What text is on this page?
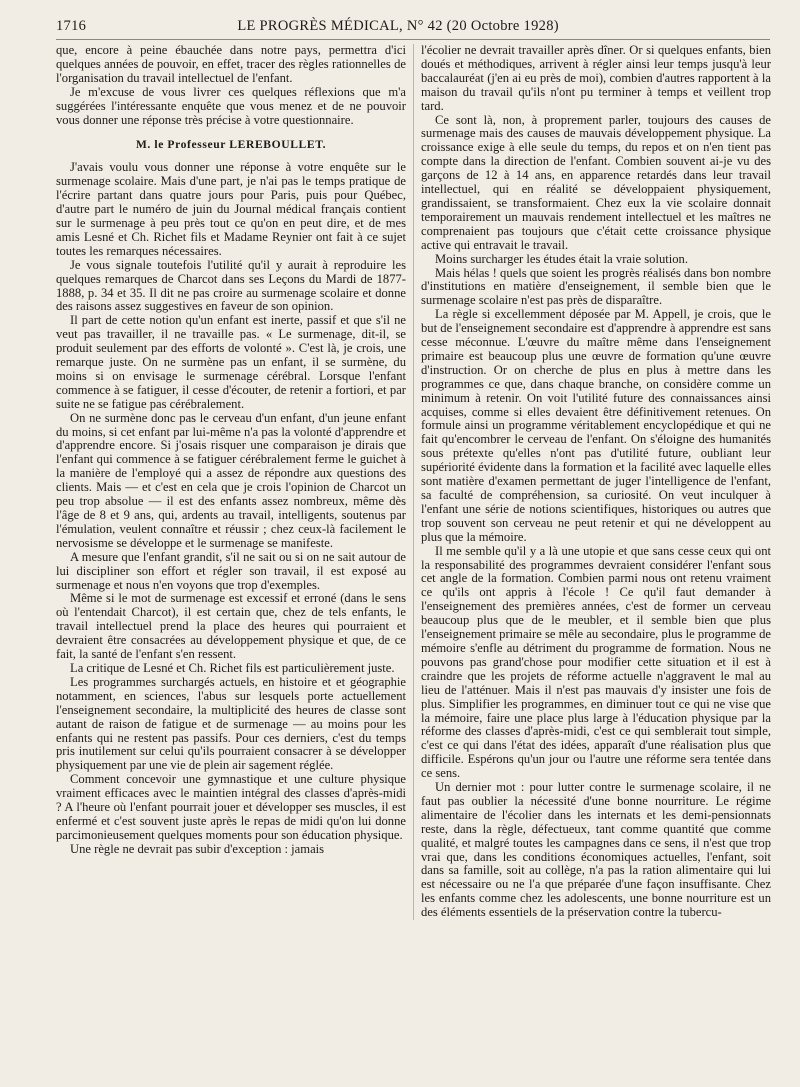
1716	LE PROGRÈS MÉDICAL, N° 42 (20 Octobre 1928)

que, encore à peine ébauchée dans notre pays, permettra d'ici quelques années de pouvoir, en effet, tracer des règles rationnelles de l'organisation du travail intellectuel de l'enfant.

Je m'excuse de vous livrer ces quelques réflexions que m'a suggérées l'intéressante enquête que vous menez et de ne pouvoir vous donner une réponse très précise à votre questionnaire.

M. le Professeur LEREBOULLET.

J'avais voulu vous donner une réponse à votre enquête sur le surmenage scolaire. Mais d'une part, je n'ai pas le temps pratique de l'écrire partant dans quatre jours pour Paris, puis pour Québec, d'autre part le numéro de juin du Journal médical français contient sur le surmenage à peu près tout ce qu'on en peut dire, et de mes amis Lesné et Ch. Richet fils et Madame Reynier ont fait à ce sujet toutes les remarques nécessaires.

Je vous signale toutefois l'utilité qu'il y aurait à reproduire les quelques remarques de Charcot dans ses Leçons du Mardi de 1877-1888, p. 34 et 35. Il dit ne pas croire au surmenage scolaire et donne des raisons assez suggestives en faveur de son opinion.

Il part de cette notion qu'un enfant est inerte, passif et que s'il ne veut pas travailler, il ne travaille pas. « Le surmenage, dit-il, se produit seulement par des efforts de volonté ». C'est là, je crois, une remarque juste. On ne surmène pas un enfant, il se surmène, du moins si on envisage le surmenage cérébral. Lorsque l'enfant commence à se fatiguer, il cesse d'écouter, de retenir a fortiori, et par suite ne se fatigue pas cérébralement.

On ne surmène donc pas le cerveau d'un enfant, d'un jeune enfant du moins, si cet enfant par lui-même n'a pas la volonté d'apprendre et d'apprendre encore. Si j'osais risquer une comparaison je dirais que l'enfant qui commence à se fatiguer cérébralement ferme le guichet à la manière de l'employé qui a assez de répondre aux questions des clients. Mais — et c'est en cela que je crois l'opinion de Charcot un peu trop absolue — il est des enfants assez nombreux, même dès l'âge de 8 et 9 ans, qui, ardents au travail, intelligents, soutenus par l'émulation, veulent connaître et réussir ; chez ceux-là facilement le nervosisme se développe et le surmenage se manifeste.

A mesure que l'enfant grandit, s'il ne sait ou si on ne sait autour de lui discipliner son effort et régler son travail, il est exposé au surmenage et nous n'en voyons que trop d'exemples.

Même si le mot de surmenage est excessif et erroné (dans le sens où l'entendait Charcot), il est certain que, chez de tels enfants, le travail intellectuel prend la place des heures qui pourraient et devraient être consacrées au développement physique et que, de ce fait, la santé de l'enfant s'en ressent.

La critique de Lesné et Ch. Richet fils est particulièrement juste.

Les programmes surchargés actuels, en histoire et et géographie notamment, en sciences, l'abus sur lesquels porte actuellement l'enseignement secondaire, la multiplicité des heures de classe sont autant de raison de fatigue et de surmenage — au moins pour les enfants qui ne restent pas passifs. Pour ces derniers, c'est du temps pris inutilement sur celui qu'ils pourraient consacrer à se développer physiquement par une vie de plein air sagement réglée.

Comment concevoir une gymnastique et une culture physique vraiment efficaces avec le maintien intégral des classes d'après-midi ? A l'heure où l'enfant pourrait jouer et développer ses muscles, il est enfermé et c'est souvent juste après le repas de midi qu'on lui donne parcimonieusement quelques moments pour son éducation physique.

Une règle ne devrait pas subir d'exception : jamais

l'écolier ne devrait travailler après dîner. Or si quelques enfants, bien doués et méthodiques, arrivent à régler ainsi leur temps jusqu'à leur baccalauréat (j'en ai eu près de moi), combien d'autres rapportent à la maison du travail qu'ils n'ont pu terminer à temps et veillent trop tard.

Ce sont là, non, à proprement parler, toujours des causes de surmenage mais des causes de mauvais développement physique. La croissance exige à elle seule du temps, du repos et on n'en tient pas compte dans la direction de l'enfant. Combien souvent ai-je vu des garçons de 12 à 14 ans, en apparence retardés dans leur travail intellectuel, qui en réalité se développaient physiquement, grandissaient, se transformaient. Chez eux la vie scolaire donnait temporairement un mauvais rendement intellectuel et les maîtres ne comprenaient pas toujours que c'était cette croissance physique active qui entravait le travail.

Moins surcharger les études était la vraie solution.

Mais hélas ! quels que soient les progrès réalisés dans bon nombre d'institutions en matière d'enseignement, il semble bien que le surmenage scolaire n'est pas près de disparaître.

La règle si excellemment déposée par M. Appell, je crois, que le but de l'enseignement secondaire est d'apprendre à apprendre est sans cesse méconnue. L'œuvre du maître même dans l'enseignement primaire est beaucoup plus une œuvre de formation qu'une œuvre d'instruction. Or on cherche de plus en plus à mettre dans les programmes ce que, dans chaque branche, on considère comme un minimum à retenir. On voit l'utilité future des connaissances ainsi acquises, comme si elles devaient être définitivement retenues. On formule ainsi un programme véritablement encyclopédique et qui ne fait qu'encombrer le cerveau de l'enfant. On s'éloigne des humanités sous prétexte qu'elles n'ont pas d'utilité future, oubliant leur supériorité évidente dans la formation et la facilité avec laquelle elles sont matière d'examen permettant de juger l'intelligence de l'enfant, sa faculté de compréhension, sa curiosité. On veut inculquer à l'enfant une série de notions scientifiques, historiques ou autres que trop souvent son cerveau ne peut retenir et qui ne développent au plus que la mémoire.

Il me semble qu'il y a là une utopie et que sans cesse ceux qui ont la responsabilité des programmes devraient considérer l'enfant sous cet angle de la formation. Combien parmi nous ont retenu vraiment ce qu'ils ont appris à l'école ! Ce qu'il faut demander à l'enseignement des premières années, c'est de former un cerveau beaucoup plus que de le meubler, et il semble bien que plus l'enseignement primaire se mêle au secondaire, plus le programme de mémoire s'enfle au détriment du programme de formation. Nous ne pouvons pas grand'chose pour modifier cette situation et il est à craindre que les projets de réforme actuelle n'aggravent le mal au lieu de l'atténuer. Mais il n'est pas mauvais d'y insister une fois de plus. Simplifier les programmes, en diminuer tout ce qui ne vise que la mémoire, faire une place plus large à l'éducation physique par la réforme des classes d'après-midi, c'est ce qui semblerait tout simple, c'est ce qui dans l'état des idées, apparaît d'une réalisation plus que difficile. Espérons qu'un jour ou l'autre une réforme sera tentée dans ce sens.

Un dernier mot : pour lutter contre le surmenage scolaire, il ne faut pas oublier la nécessité d'une bonne nourriture. Le régime alimentaire de l'écolier dans les internats et les demi-pensionnats reste, dans la règle, défectueux, tant comme quantité que comme qualité, et malgré toutes les campagnes dans ce sens, il n'est que trop vrai que, dans les conditions économiques actuelles, l'enfant, soit dans sa famille, soit au collège, n'a pas la ration alimentaire qui lui est nécessaire ou ne l'a que préparée d'une façon insuffisante. Chez les enfants comme chez les adolescents, une bonne nourriture est un des éléments essentiels de la préservation contre la tubercu-
